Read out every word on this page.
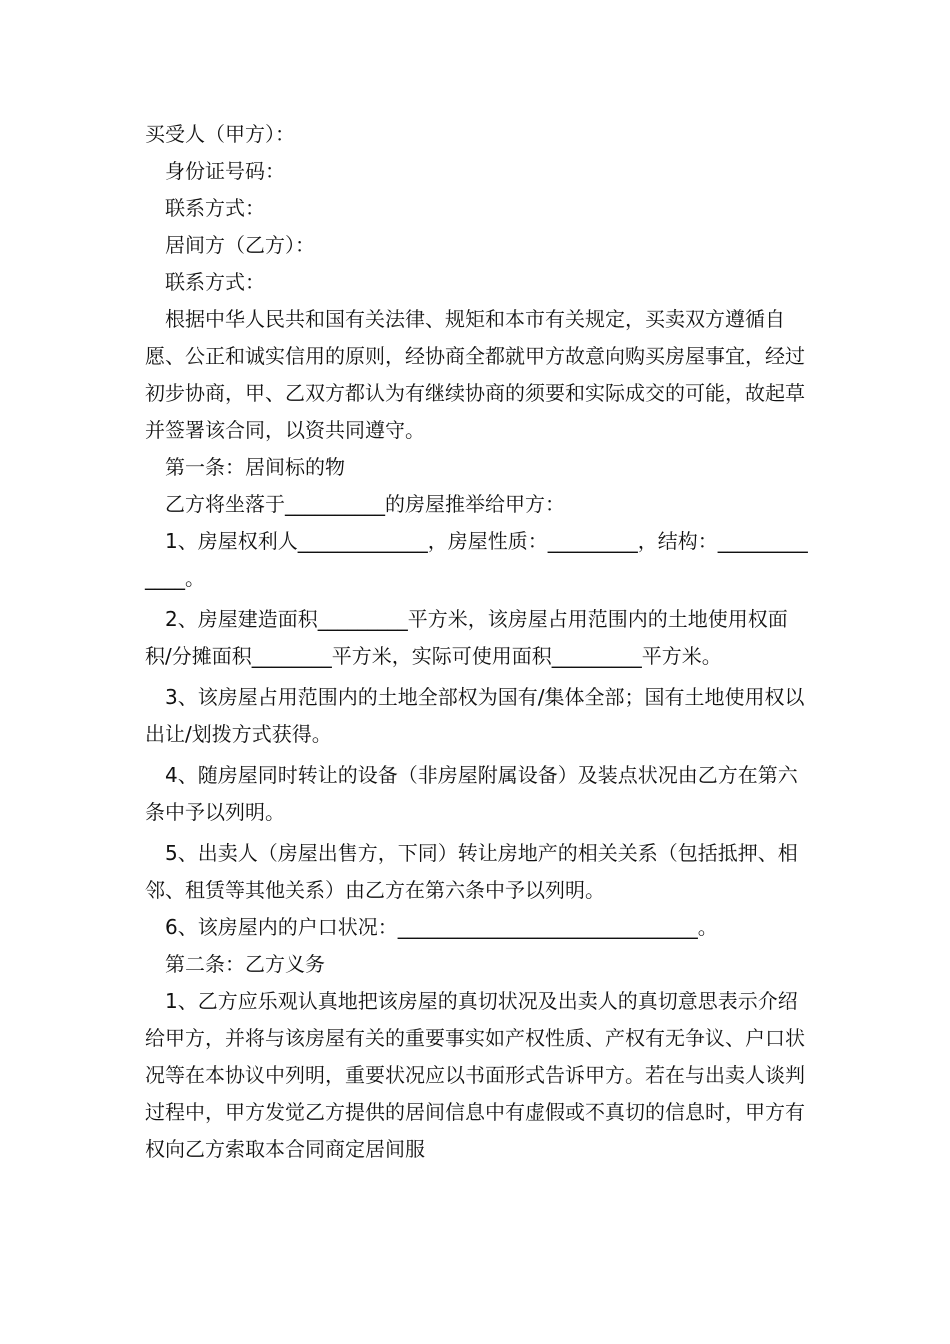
买受人（甲方）：

　身份证号码：

　联系方式：

　居间方（乙方）：

　联系方式：

　根据中华人民共和国有关法律、规矩和本市有关规定，买卖双方遵循自愿、公正和诚实信用的原则，经协商全都就甲方故意向购买房屋事宜，经过初步协商，甲、乙双方都认为有继续协商的须要和实际成交的可能，故起草并签署该合同，以资共同遵守。

　第一条：居间标的物

　乙方将坐落于__________的房屋推举给甲方：

　1、房屋权利人_____________，房屋性质：_________，结构：_____________。

　2、房屋建造面积_________平方米，该房屋占用范围内的土地使用权面积/分摊面积________平方米，实际可使用面积_________平方米。

　3、该房屋占用范围内的土地全部权为国有/集体全部；国有土地使用权以出让/划拨方式获得。

　4、随房屋同时转让的设备（非房屋附属设备）及装点状况由乙方在第六条中予以列明。

　5、出卖人（房屋出售方，下同）转让房地产的相关关系（包括抵押、相邻、租赁等其他关系）由乙方在第六条中予以列明。

　6、该房屋内的户口状况：______________________________。

　第二条：乙方义务

　1、乙方应乐观认真地把该房屋的真切状况及出卖人的真切意思表示介绍给甲方，并将与该房屋有关的重要事实如产权性质、产权有无争议、户口状况等在本协议中列明，重要状况应以书面形式告诉甲方。若在与出卖人谈判过程中，甲方发觉乙方提供的居间信息中有虚假或不真切的信息时，甲方有权向乙方索取本合同商定居间服
